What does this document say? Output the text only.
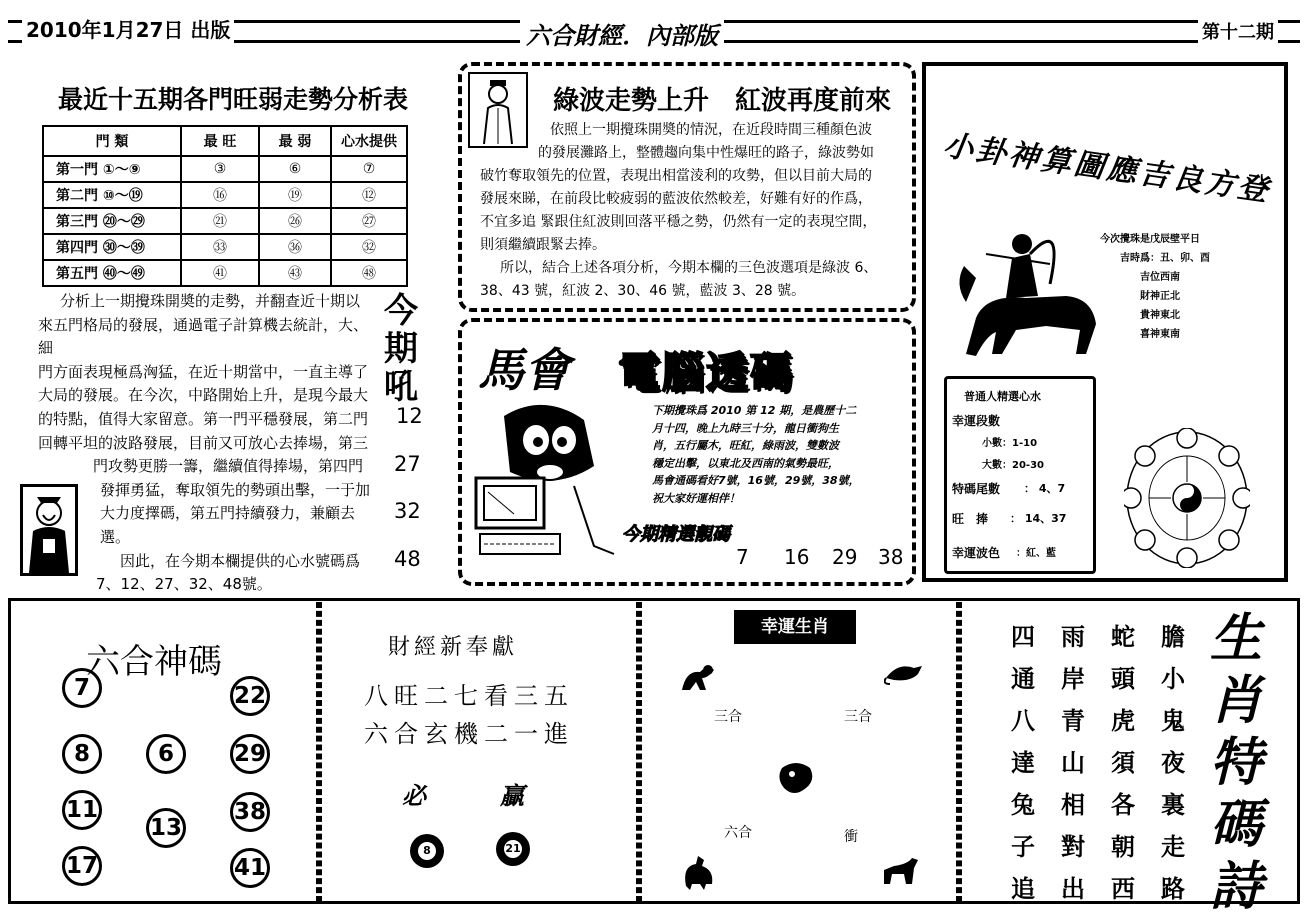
2010年1月27日 出版	六合財經．內部版	第十二期
最近十五期各門旺弱走勢分析表
門 類	最 旺	最 弱	心水提供
第一門 ①～⑨	③	⑥	⑦
第二門 ⑩～⑲	⑯	⑲	⑫
第三門 ⑳～㉙	㉑	㉖	㉗
第四門 ㉚～㊴	㉝	㊱	㉜
第五門 ㊵～㊾	㊶	㊸	㊽
分析上一期攪珠開奬的走勢，并翻查近十期以
來五門格局的發展，通過電子計算機去統計，大、細
門方面表現極爲洶猛，在近十期當中，一直主導了
大局的發展。在今次，中路開始上升，是現今最大
的特點，值得大家留意。第一門平穩發展，第二門
回轉平坦的波路發展，目前又可放心去捧場，第三
門攻勢更勝一籌，繼續值得捧場，第四門
發揮勇猛，奪取領先的勢頭出擊，一于加
大力度擇碼，第五門持續發力，兼顧去選。
因此，在今期本欄提供的心水號碼爲
7、12、27、32、48號。
今期吼
12
27
32
48
綠波走勢上升　紅波再度前來
依照上一期攪珠開奬的情況，在近段時間三種顏色波
的發展灘路上，整體趨向集中性爆旺的路子，綠波勢如
破竹奪取領先的位置，表現出相當淩利的攻勢，但以目前大局的
發展來睇，在前段比較疲弱的藍波依然較差，好難有好的作爲，
不宜多追 緊跟住紅波則回落平穩之勢，仍然有一定的表現空間，
則須繼續跟緊去捧。
所以，結合上述各項分析，今期本欄的三色波選項是綠波 6、
38、43 號，紅波 2、30、46 號，藍波 3、28 號。
馬會 電腦透碼
下期攪珠爲 2010 第 12 期，是農歷十二
月十四，晚上九時三十分，龍日衝狗生
肖，五行屬木，旺紅，綠雨波，雙數波
穩定出擊，以東北及西南的氣勢最旺，
馬會通碼看好7號，16號，29號，38號，
祝大家好運相伴！
今期精選靚碼
7 16 29 38
小卦神算圖應吉良方登
今次攪珠是戊辰壁平日
吉時爲：丑、卯、酉
吉位西南
財神正北
貴神東北
喜神東南
普通人精選心水
幸運段數
小數：1-10
大數：20-30
特碼尾數 ： 4、7
旺　捧 ： 14、37
幸運波色 ：紅、藍
六合神碼
7	22
8	6	29
11
13
38
17	41
財經新奉獻
八旺二七看三五
六合玄機二一進
必	贏
8	21
幸運生肖
三合	三合
六合	衝
四通八達兔子追
雨岸青山相對出
蛇頭虎須各朝西
膽小鬼夜裏走路
生肖特碼詩
